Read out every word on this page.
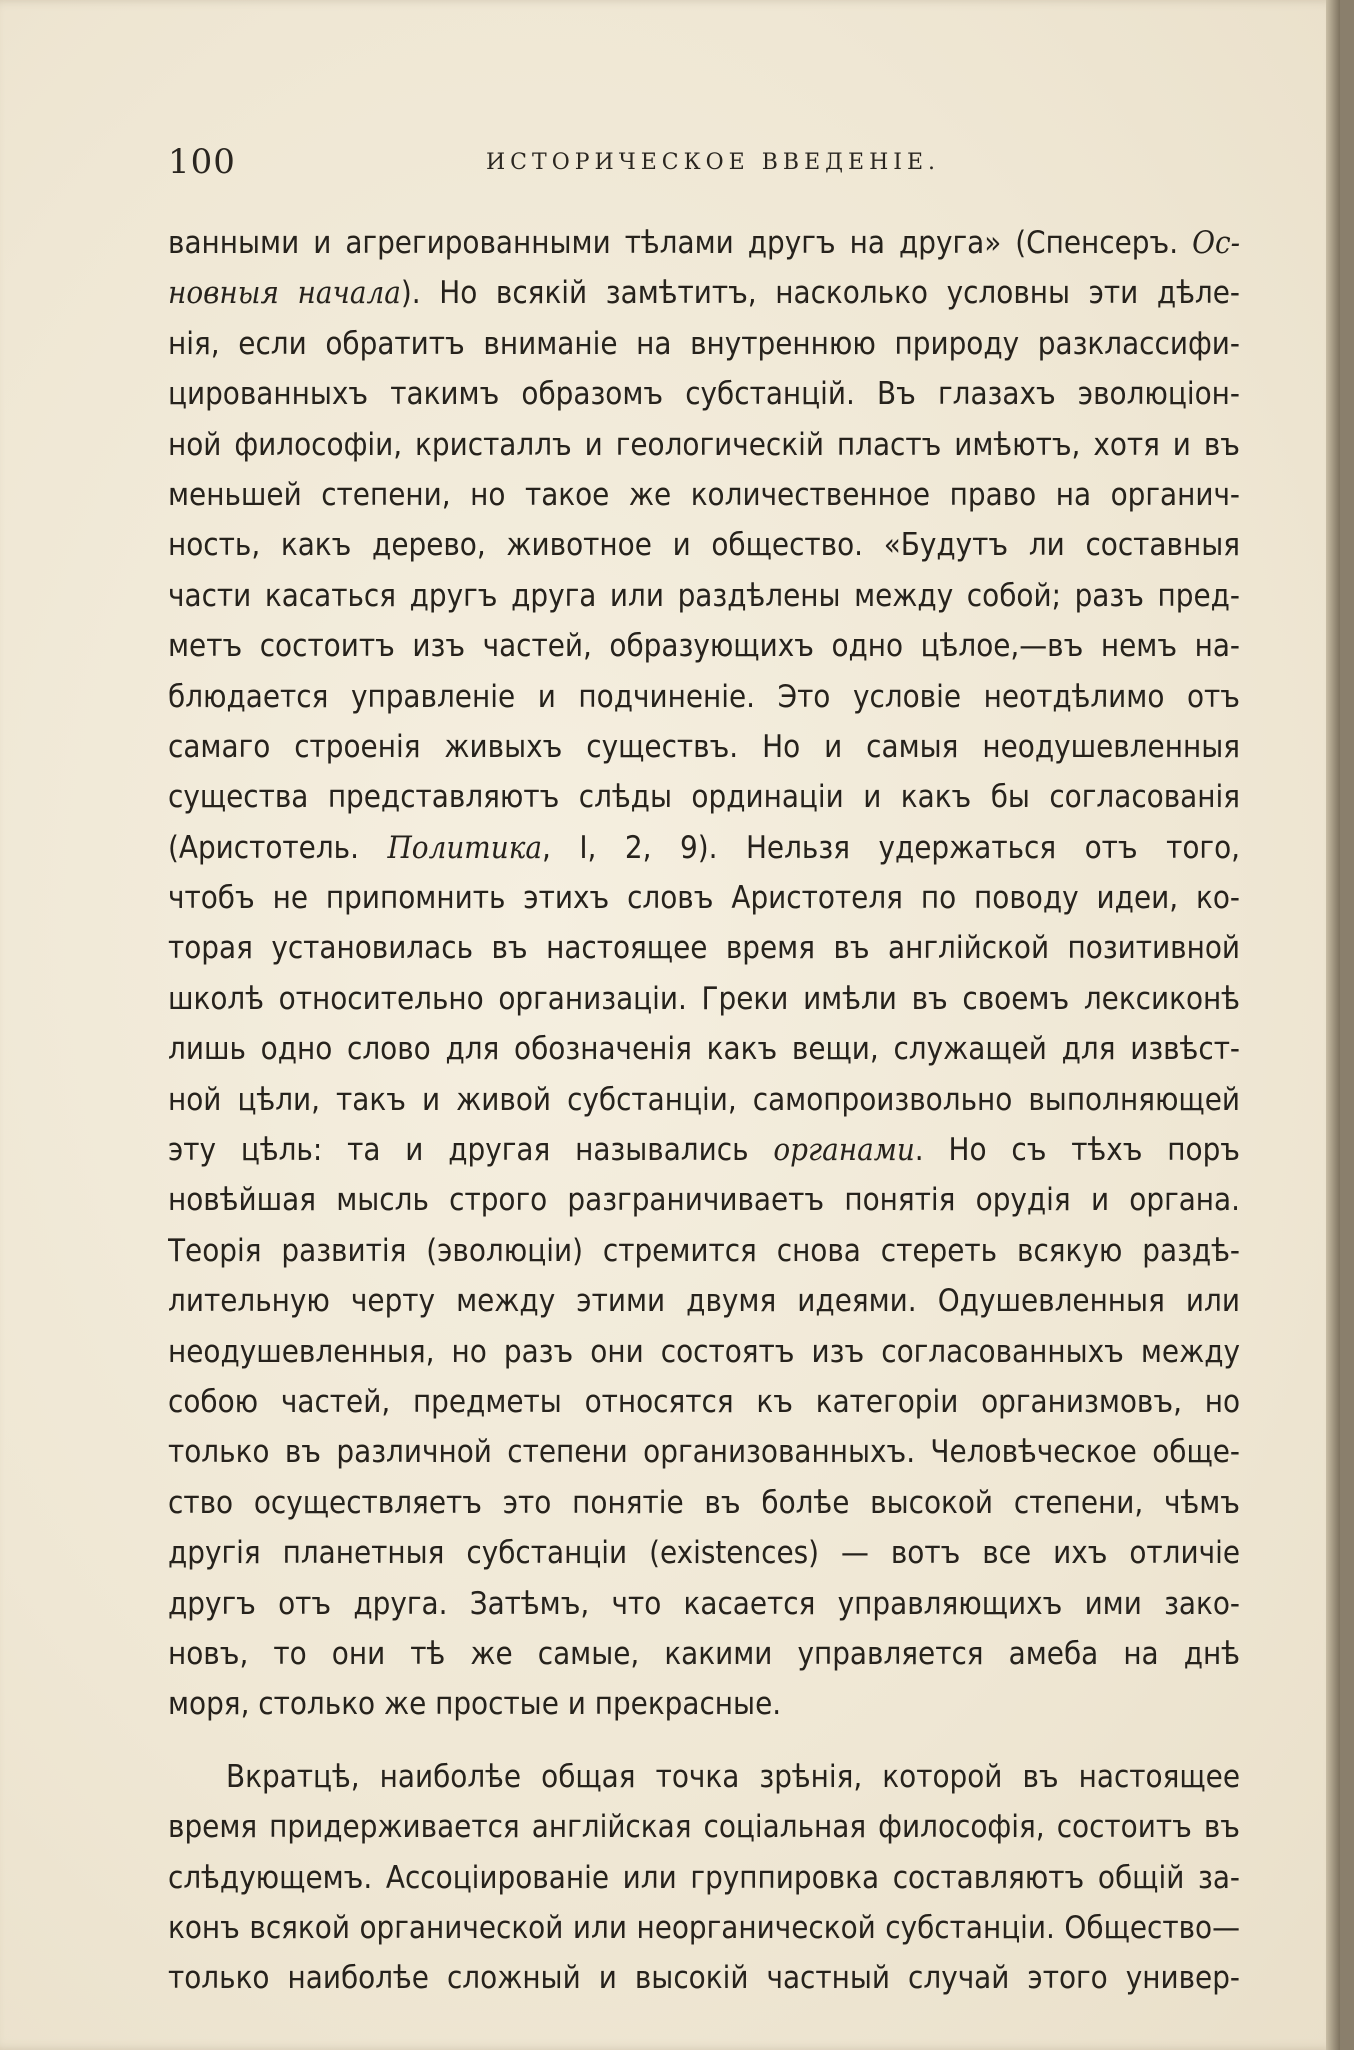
100	ИСТОРИЧЕСКОЕ ВВЕДЕНІЕ.
ванными и агрегированными тѣлами другъ на друга» (Спенсеръ. Ос-
новныя начала). Но всякій замѣтитъ, насколько условны эти дѣле-
нія, если обратитъ вниманіе на внутреннюю природу разклассифи-
цированныхъ такимъ образомъ субстанцій. Въ глазахъ эволюціон-
ной философіи, кристаллъ и геологическій пластъ имѣютъ, хотя и въ
меньшей степени, но такое же количественное право на органич-
ность, какъ дерево, животное и общество. «Будутъ ли составныя
части касаться другъ друга или раздѣлены между собой; разъ пред-
метъ состоитъ изъ частей, образующихъ одно цѣлое,—въ немъ на-
блюдается управленіе и подчиненіе. Это условіе неотдѣлимо отъ
самаго строенія живыхъ существъ. Но и самыя неодушевленныя
существа представляютъ слѣды ординаціи и какъ бы согласованія
(Аристотель. Политика, I, 2, 9). Нельзя удержаться отъ того,
чтобъ не припомнить этихъ словъ Аристотеля по поводу идеи, ко-
торая установилась въ настоящее время въ англійской позитивной
школѣ относительно организаціи. Греки имѣли въ своемъ лексиконѣ
лишь одно слово для обозначенія какъ вещи, служащей для извѣст-
ной цѣли, такъ и живой субстанціи, самопроизвольно выполняющей
эту цѣль: та и другая назывались органами. Но съ тѣхъ поръ
новѣйшая мысль строго разграничиваетъ понятія орудія и органа.
Теорія развитія (эволюціи) стремится снова стереть всякую раздѣ-
лительную черту между этими двумя идеями. Одушевленныя или
неодушевленныя, но разъ они состоятъ изъ согласованныхъ между
собою частей, предметы относятся къ категоріи организмовъ, но
только въ различной степени организованныхъ. Человѣческое обще-
ство осуществляетъ это понятіе въ болѣе высокой степени, чѣмъ
другія планетныя субстанціи (existences) — вотъ все ихъ отличіе
другъ отъ друга. Затѣмъ, что касается управляющихъ ими зако-
новъ, то они тѣ же самые, какими управляется амеба на днѣ
моря, столько же простые и прекрасные.
Вкратцѣ, наиболѣе общая точка зрѣнія, которой въ настоящее
время придерживается англійская соціальная философія, состоитъ въ
слѣдующемъ. Ассоціированіе или группировка составляютъ общій за-
конъ всякой органической или неорганической субстанціи. Общество—
только наиболѣе сложный и высокій частный случай этого универ-
